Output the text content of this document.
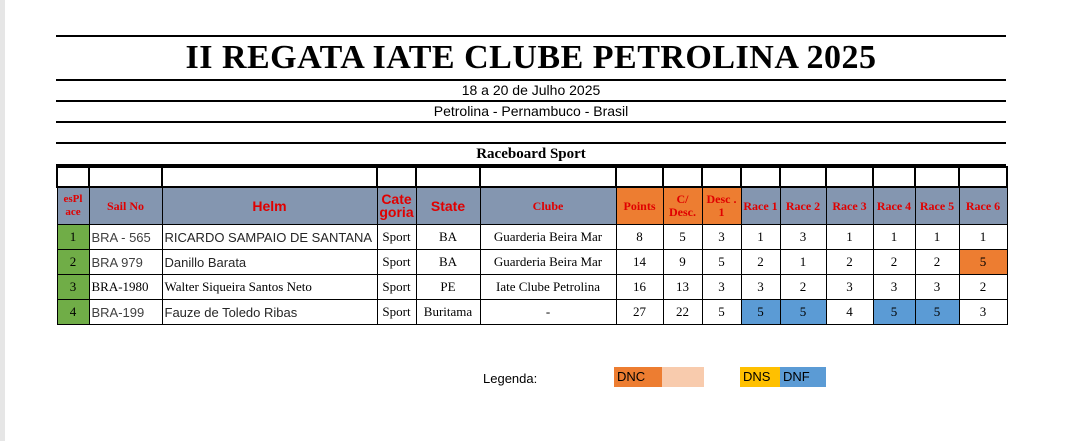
II REGATA IATE CLUBE PETROLINA 2025
18 a 20 de Julho 2025
Petrolina - Pernambuco - Brasil
Raceboard Sport

esPl ace	Sail No	Helm	Cate goria	State	Clube	Points	C/ Desc.	Desc . 1	Race 1	Race 2	Race 3	Race 4	Race 5	Race 6
1	BRA - 565	RICARDO SAMPAIO DE SANTANA	Sport	BA	Guarderia Beira Mar	8	5	3	1	3	1	1	1	1
2	BRA 979	Danillo Barata	Sport	BA	Guarderia Beira Mar	14	9	5	2	1	2	2	2	5
3	BRA-1980	Walter Siqueira Santos Neto	Sport	PE	Iate Clube Petrolina	16	13	3	3	2	3	3	3	2
4	BRA-199	Fauze de Toledo Ribas	Sport	Buritama	-	27	22	5	5	5	4	5	5	3
Legenda:	DNC	DNS DNF
